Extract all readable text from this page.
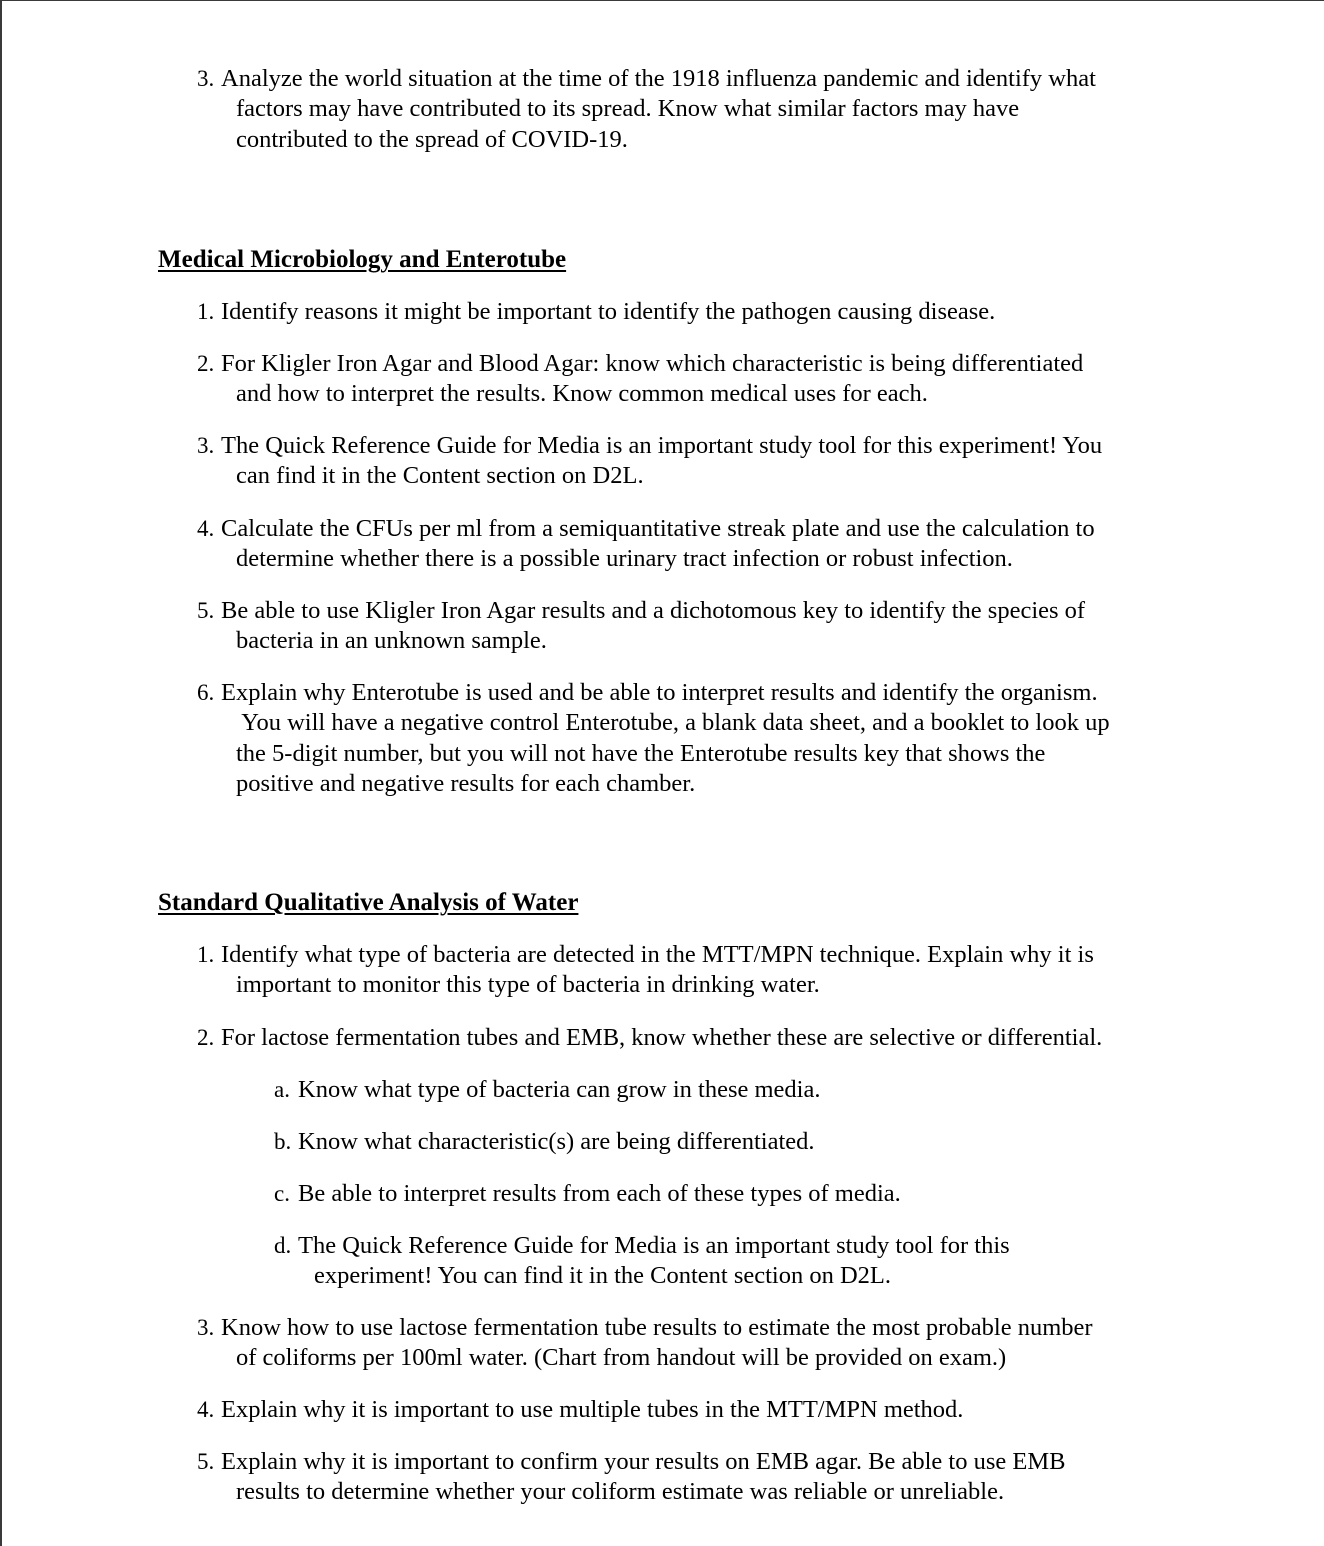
3. Analyze the world situation at the time of the 1918 influenza pandemic and identify what
factors may have contributed to its spread. Know what similar factors may have
contributed to the spread of COVID-19.
Medical Microbiology and Enterotube
1. Identify reasons it might be important to identify the pathogen causing disease.
2. For Kligler Iron Agar and Blood Agar: know which characteristic is being differentiated
and how to interpret the results. Know common medical uses for each.
3. The Quick Reference Guide for Media is an important study tool for this experiment! You
can find it in the Content section on D2L.
4. Calculate the CFUs per ml from a semiquantitative streak plate and use the calculation to
determine whether there is a possible urinary tract infection or robust infection.
5. Be able to use Kligler Iron Agar results and a dichotomous key to identify the species of
bacteria in an unknown sample.
6. Explain why Enterotube is used and be able to interpret results and identify the organism.
You will have a negative control Enterotube, a blank data sheet, and a booklet to look up
the 5-digit number, but you will not have the Enterotube results key that shows the
positive and negative results for each chamber.
Standard Qualitative Analysis of Water
1. Identify what type of bacteria are detected in the MTT/MPN technique. Explain why it is
important to monitor this type of bacteria in drinking water.
2. For lactose fermentation tubes and EMB, know whether these are selective or differential.
a. Know what type of bacteria can grow in these media.
b. Know what characteristic(s) are being differentiated.
c. Be able to interpret results from each of these types of media.
d. The Quick Reference Guide for Media is an important study tool for this
experiment! You can find it in the Content section on D2L.
3. Know how to use lactose fermentation tube results to estimate the most probable number
of coliforms per 100ml water. (Chart from handout will be provided on exam.)
4. Explain why it is important to use multiple tubes in the MTT/MPN method.
5. Explain why it is important to confirm your results on EMB agar. Be able to use EMB
results to determine whether your coliform estimate was reliable or unreliable.
